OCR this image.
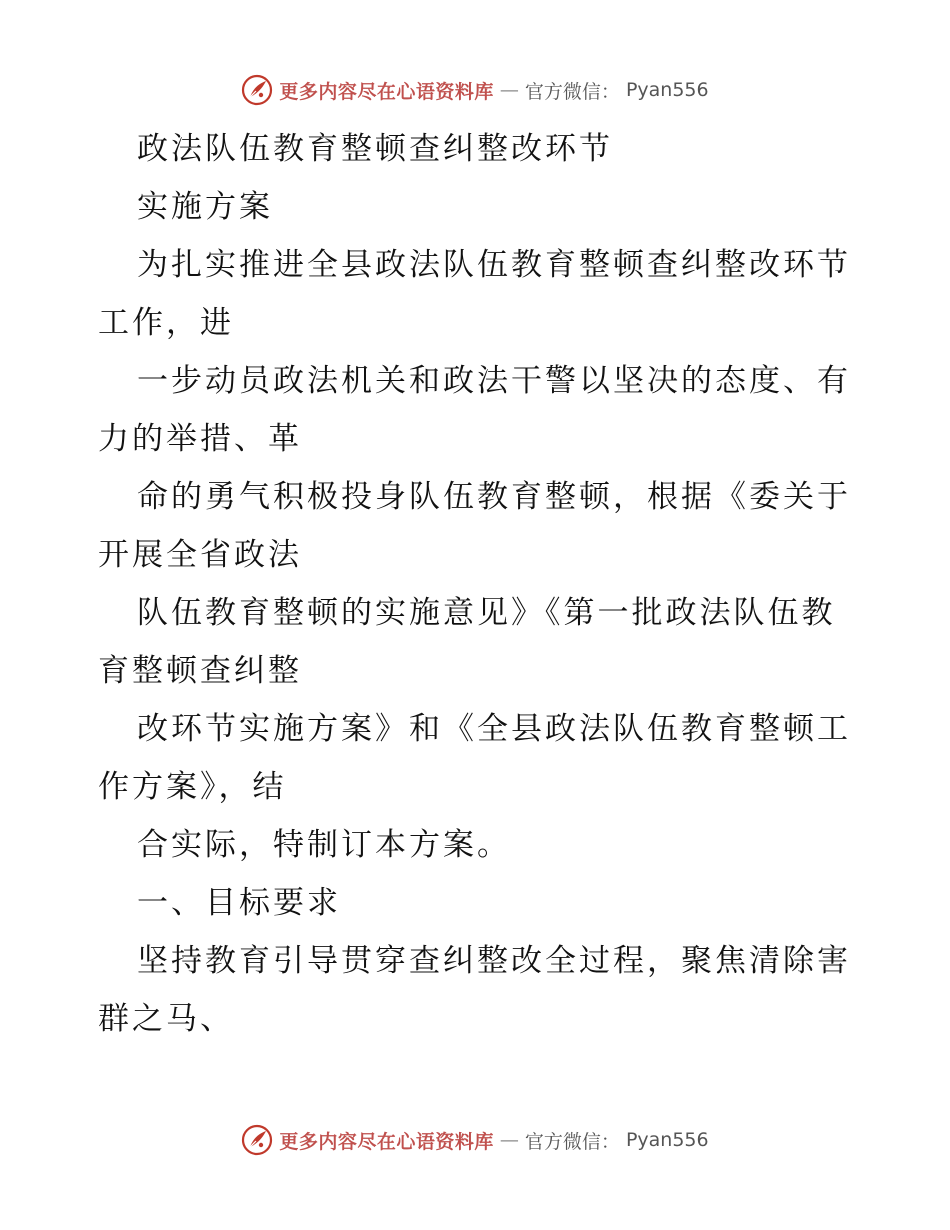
更多内容尽在心语资料库 — 官方微信： Pyan556
政法队伍教育整顿查纠整改环节
实施方案
为扎实推进全县政法队伍教育整顿查纠整改环节
工作，进
一步动员政法机关和政法干警以坚决的态度、有
力的举措、革
命的勇气积极投身队伍教育整顿，根据《委关于
开展全省政法
队伍教育整顿的实施意见》《第一批政法队伍教
育整顿查纠整
改环节实施方案》和《全县政法队伍教育整顿工
作方案》，结
合实际，特制订本方案。
一、目标要求
坚持教育引导贯穿查纠整改全过程，聚焦清除害
群之马、
更多内容尽在心语资料库 — 官方微信： Pyan556
